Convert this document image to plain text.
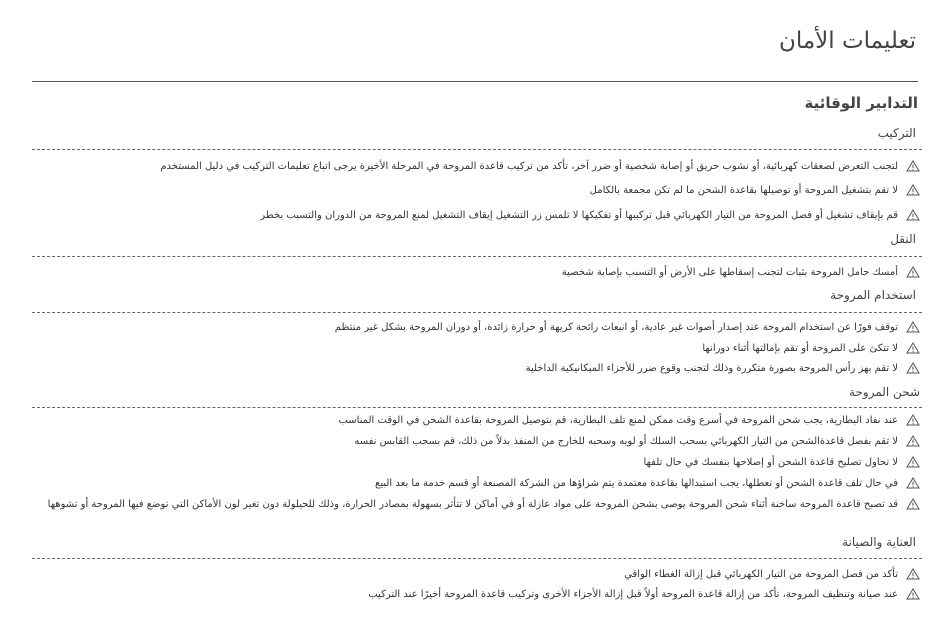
تعليمات الأمان
التدابير الوقائية
التركيب
لتجنب التعرض لصعقات كهربائية، أو نشوب حريق أو إصابة شخصية أو ضرر آخر، تأكد من تركيب قاعدة المروحة في المرحلة الأخيرة يرجى اتباع تعليمات التركيب في دليل المستخدم
لا تقم بتشغيل المروحة أو توصيلها بقاعدة الشحن ما لم تكن مجمعة بالكامل
قم بإيقاف تشغيل أو فصل المروحة من التيار الكهربائي قبل تركيبها أو تفكيكها لا تلمس زر التشغيل إيقاف التشغيل لمنع المروحة من الدوران والتسبب بخطر
النقل
أمسك حامل المروحة بثبات لتجنب إسقاطها على الأرض أو التسبب بإصابة شخصية
استخدام المروحة
توقف فورًا عن استخدام المروحة عند إصدار أصوات غير عادية، أو انبعاث رائحة كريهة أو حرارة زائدة، أو دوران المروحة بشكل غير منتظم
لا تتكئ على المروحة أو تقم بإمالتها أثناء دورانها
لا تقم بهز رأس المروحة بصورة متكررة وذلك لتجنب وقوع ضرر للأجزاء الميكانيكية الداخلية
شحن المروحة
عند نفاد البطارية، يجب شحن المروحة في أسرع وقت ممكن لمنع تلف البطارية، قم بتوصيل المروحة بقاعدة الشحن في الوقت المناسب
لا تقم بفصل قاعدةالشحن من التيار الكهربائي بسحب السلك أو لويه وسحبه للخارج من المنفذ بدلاً من ذلك، قم بسحب القابس نفسه
لا تحاول تصليح قاعدة الشحن أو إصلاحها بنفسك في حال تلفها
في حال تلف قاعدة الشحن أو تعطلها، يجب استبدالها بقاعدة معتمدة يتم شراؤها من الشركة المصنعة أو قسم خدمة ما بعد البيع
قد تصبح قاعدة المروحة ساخنة أثناء شحن المروحة يوصى بشحن المروحة على مواد عازلة أو في أماكن لا تتأثر بسهولة بمصادر الحرارة، وذلك للحيلولة دون تغير لون الأماكن التي توضع فيها المروحة أو تشوهها
العناية والصيانة
تأكد من فصل المروحة من التيار الكهربائي قبل إزالة الغطاء الواقي
عند صيانة وتنظيف المروحة، تأكد من إزالة قاعدة المروحة أولاً قبل إزالة الأجزاء الأخرى وتركيب قاعدة المروحة أخيرًا عند التركيب
